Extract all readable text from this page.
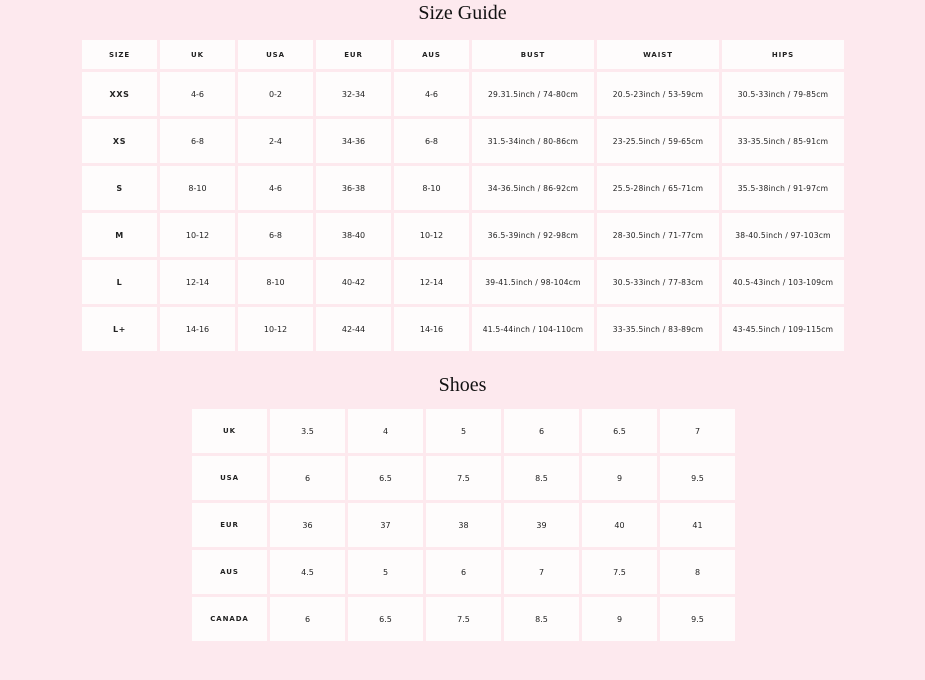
Size Guide
SIZE	UK	USA	EUR	AUS	BUST	WAIST	HIPS
XXS	4-6	0-2	32-34	4-6	29.31.5inch / 74-80cm	20.5-23inch / 53-59cm	30.5-33inch / 79-85cm
XS	6-8	2-4	34-36	6-8	31.5-34inch / 80-86cm	23-25.5inch / 59-65cm	33-35.5inch / 85-91cm
S	8-10	4-6	36-38	8-10	34-36.5inch / 86-92cm	25.5-28inch / 65-71cm	35.5-38inch / 91-97cm
M	10-12	6-8	38-40	10-12	36.5-39inch / 92-98cm	28-30.5inch / 71-77cm	38-40.5inch / 97-103cm
L	12-14	8-10	40-42	12-14	39-41.5inch / 98-104cm	30.5-33inch / 77-83cm	40.5-43inch / 103-109cm
L+	14-16	10-12	42-44	14-16	41.5-44inch / 104-110cm	33-35.5inch / 83-89cm	43-45.5inch / 109-115cm
Shoes
UK	3.5	4	5	6	6.5	7
USA	6	6.5	7.5	8.5	9	9.5
EUR	36	37	38	39	40	41
AUS	4.5	5	6	7	7.5	8
CANADA	6	6.5	7.5	8.5	9	9.5
